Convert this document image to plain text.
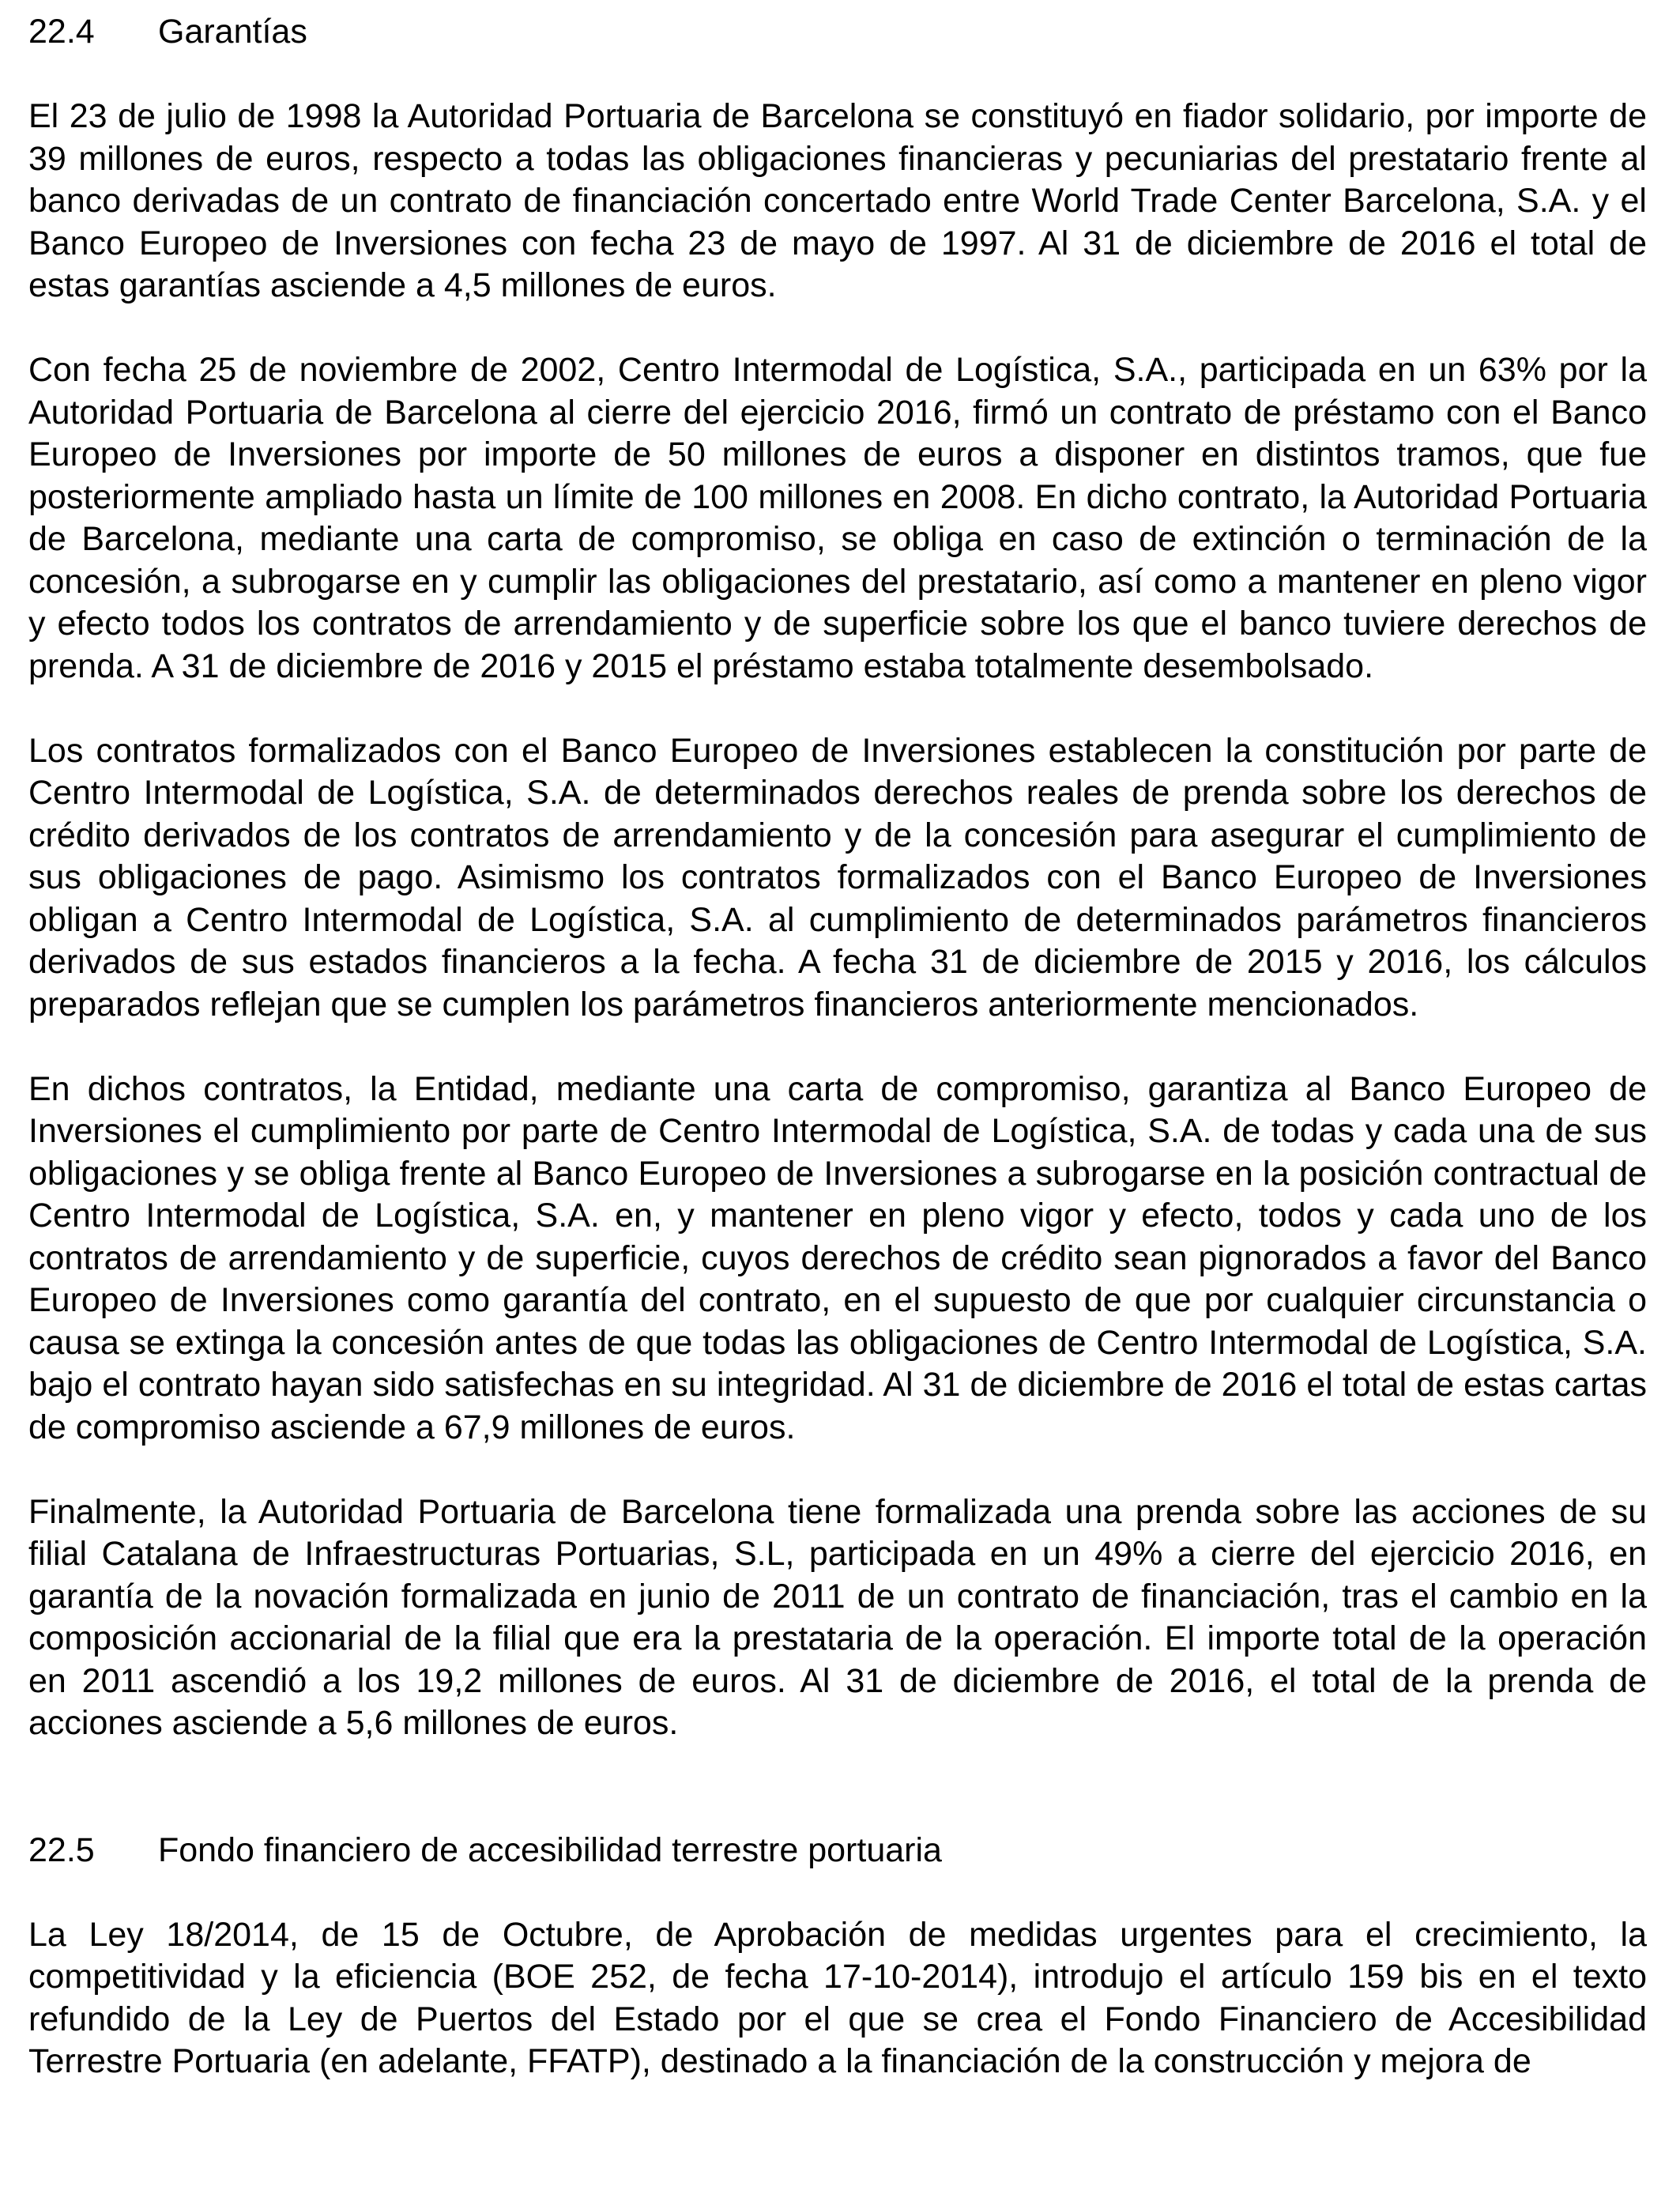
22.4 Garantías

El 23 de julio de 1998 la Autoridad Portuaria de Barcelona se constituyó en fiador solidario, por importe de 39 millones de euros, respecto a todas las obligaciones financieras y pecuniarias del prestatario frente al banco derivadas de un contrato de financiación concertado entre World Trade Center Barcelona, S.A. y el Banco Europeo de Inversiones con fecha 23 de mayo de 1997. Al 31 de diciembre de 2016 el total de estas garantías asciende a 4,5 millones de euros.

Con fecha 25 de noviembre de 2002, Centro Intermodal de Logística, S.A., participada en un 63% por la Autoridad Portuaria de Barcelona al cierre del ejercicio 2016, firmó un contrato de préstamo con el Banco Europeo de Inversiones por importe de 50 millones de euros a disponer en distintos tramos, que fue posteriormente ampliado hasta un límite de 100 millones en 2008. En dicho contrato, la Autoridad Portuaria de Barcelona, mediante una carta de compromiso, se obliga en caso de extinción o terminación de la concesión, a subrogarse en y cumplir las obligaciones del prestatario, así como a mantener en pleno vigor y efecto todos los contratos de arrendamiento y de superficie sobre los que el banco tuviere derechos de prenda. A 31 de diciembre de 2016 y 2015 el préstamo estaba totalmente desembolsado.

Los contratos formalizados con el Banco Europeo de Inversiones establecen la constitución por parte de Centro Intermodal de Logística, S.A. de determinados derechos reales de prenda sobre los derechos de crédito derivados de los contratos de arrendamiento y de la concesión para asegurar el cumplimiento de sus obligaciones de pago. Asimismo los contratos formalizados con el Banco Europeo de Inversiones obligan a Centro Intermodal de Logística, S.A. al cumplimiento de determinados parámetros financieros derivados de sus estados financieros a la fecha. A fecha 31 de diciembre de 2015 y 2016, los cálculos preparados reflejan que se cumplen los parámetros financieros anteriormente mencionados.

En dichos contratos, la Entidad, mediante una carta de compromiso, garantiza al Banco Europeo de Inversiones el cumplimiento por parte de Centro Intermodal de Logística, S.A. de todas y cada una de sus obligaciones y se obliga frente al Banco Europeo de Inversiones a subrogarse en la posición contractual de Centro Intermodal de Logística, S.A. en, y mantener en pleno vigor y efecto, todos y cada uno de los contratos de arrendamiento y de superficie, cuyos derechos de crédito sean pignorados a favor del Banco Europeo de Inversiones como garantía del contrato, en el supuesto de que por cualquier circunstancia o causa se extinga la concesión antes de que todas las obligaciones de Centro Intermodal de Logística, S.A. bajo el contrato hayan sido satisfechas en su integridad. Al 31 de diciembre de 2016 el total de estas cartas de compromiso asciende a 67,9 millones de euros.

Finalmente, la Autoridad Portuaria de Barcelona tiene formalizada una prenda sobre las acciones de su filial Catalana de Infraestructuras Portuarias, S.L, participada en un 49% a cierre del ejercicio 2016, en garantía de la novación formalizada en junio de 2011 de un contrato de financiación, tras el cambio en la composición accionarial de la filial que era la prestataria de la operación. El importe total de la operación en 2011 ascendió a los 19,2 millones de euros. Al 31 de diciembre de 2016, el total de la prenda de acciones asciende a 5,6 millones de euros.

22.5 Fondo financiero de accesibilidad terrestre portuaria

La Ley 18/2014, de 15 de Octubre, de Aprobación de medidas urgentes para el crecimiento, la competitividad y la eficiencia (BOE 252, de fecha 17-10-2014), introdujo el artículo 159 bis en el texto refundido de la Ley de Puertos del Estado por el que se crea el Fondo Financiero de Accesibilidad Terrestre Portuaria (en adelante, FFATP), destinado a la financiación de la construcción y mejora de
